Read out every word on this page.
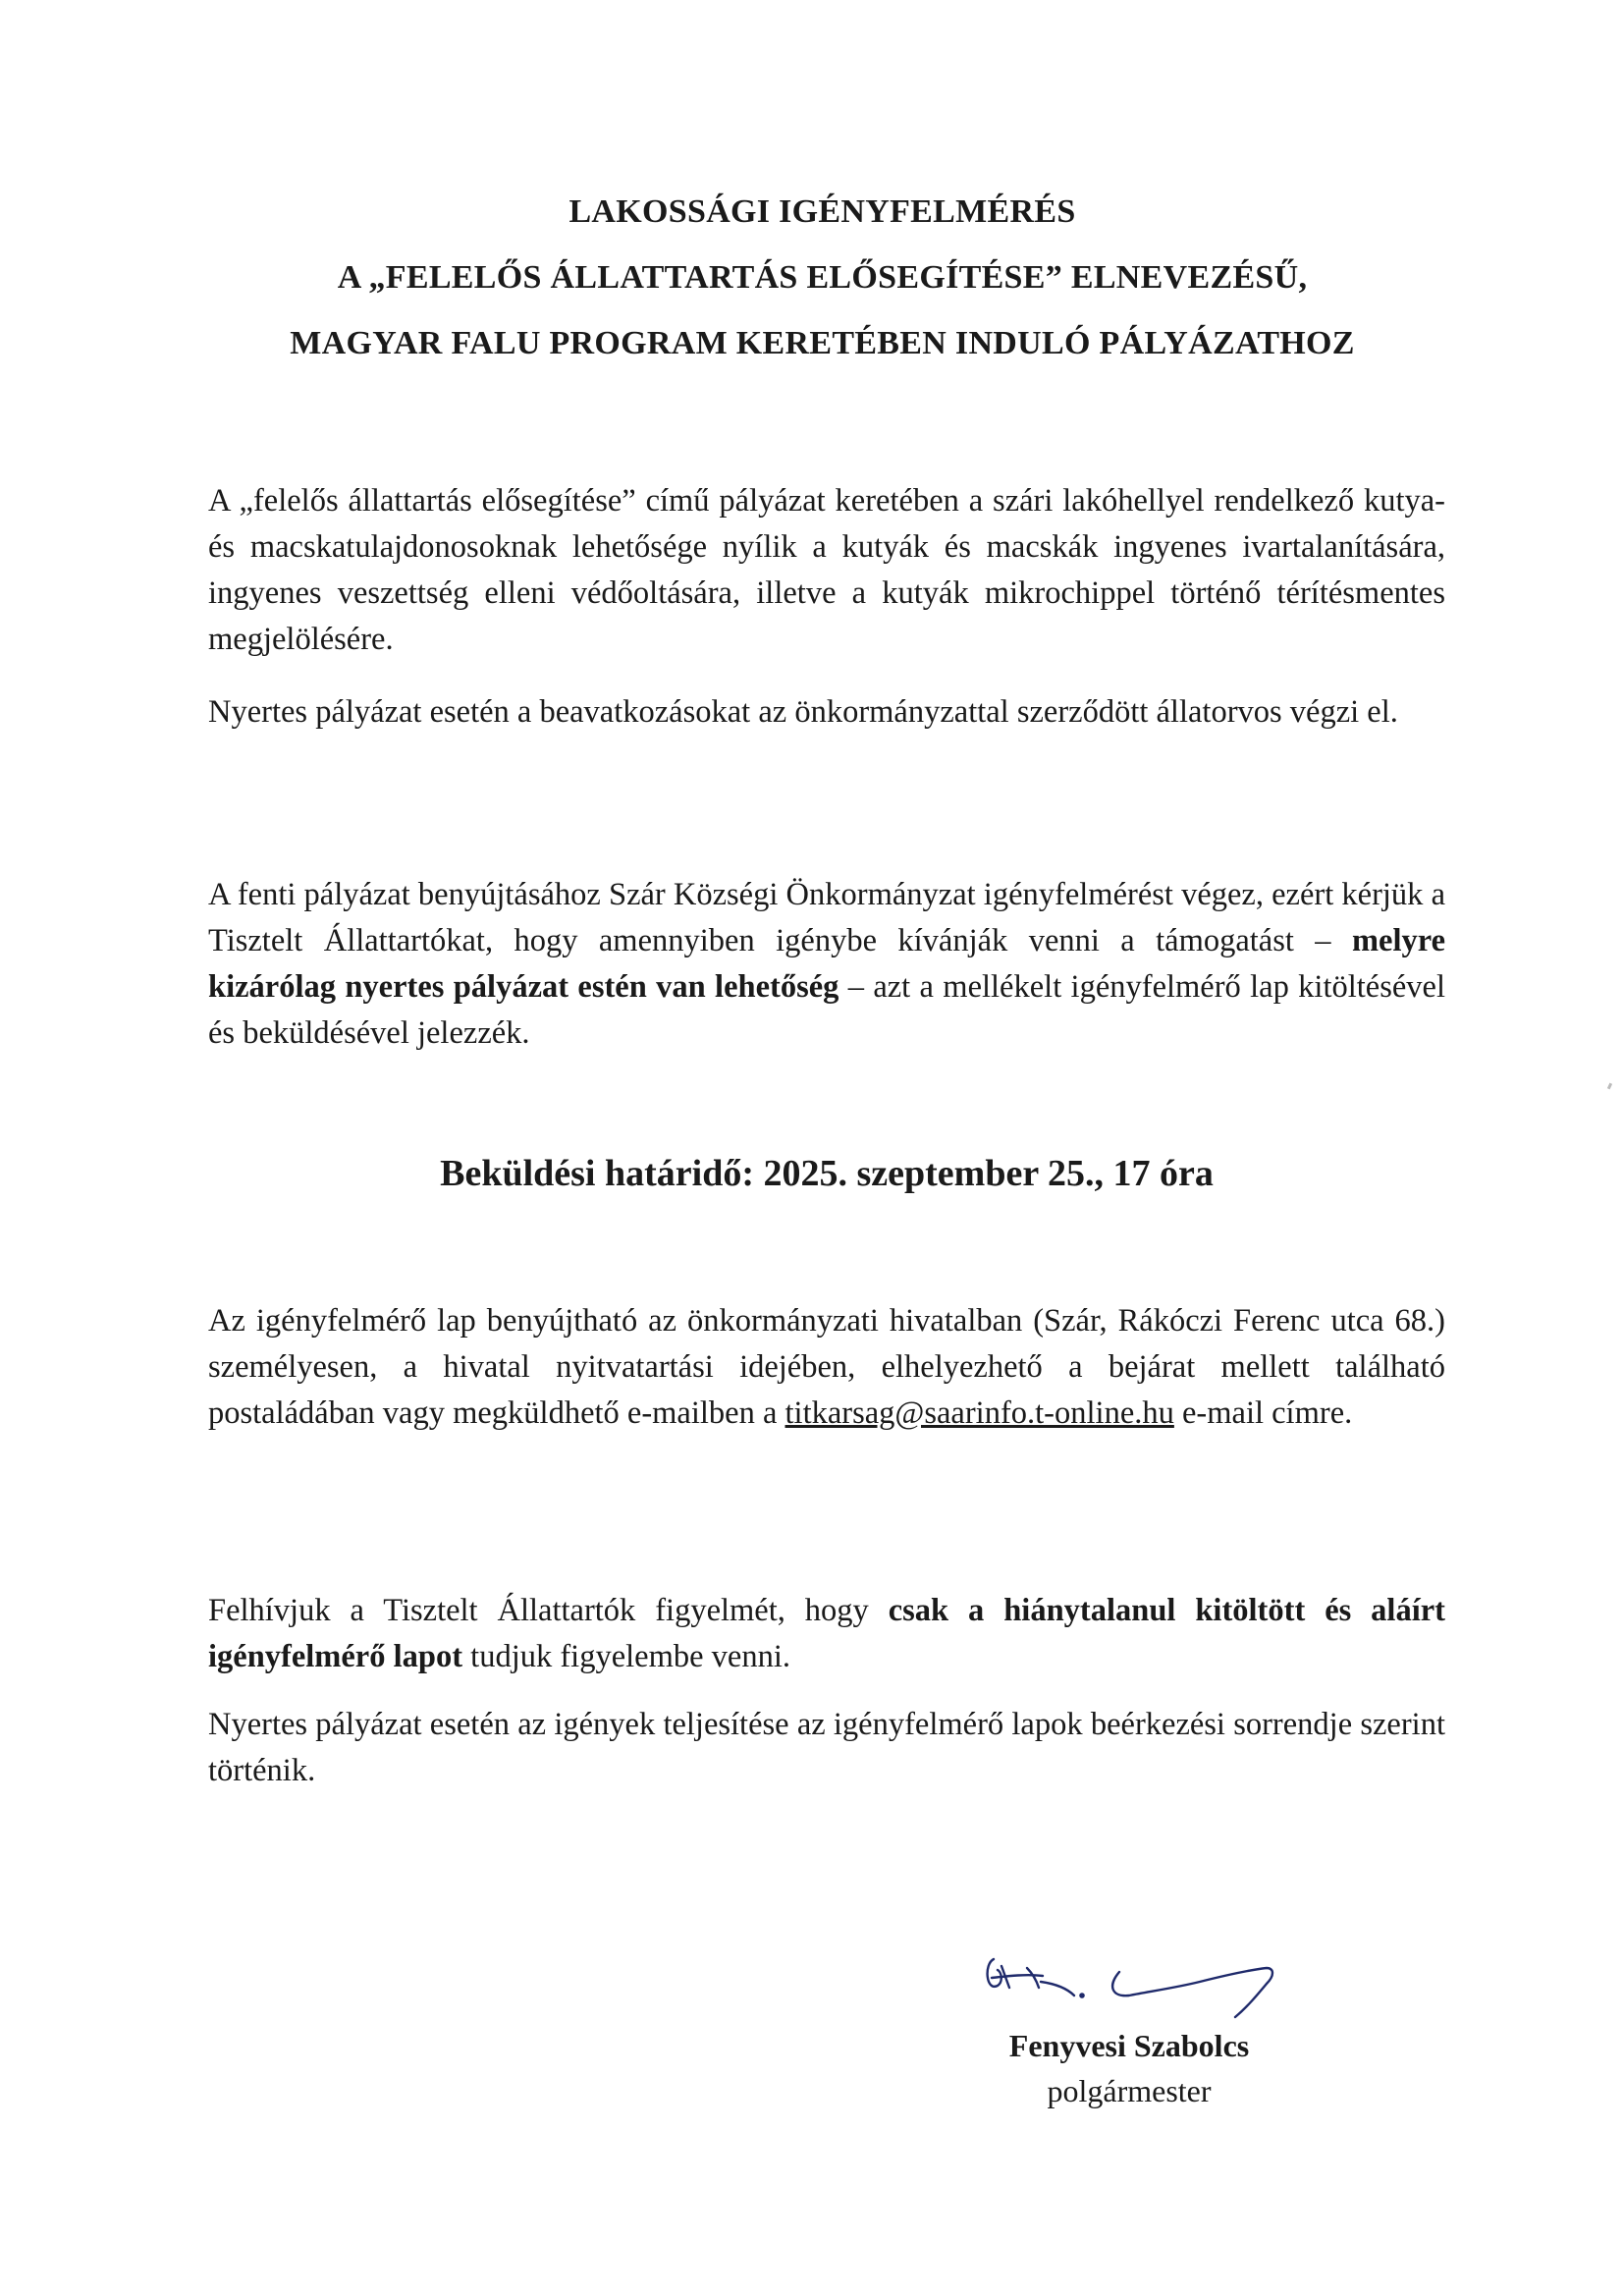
LAKOSSÁGI IGÉNYFELMÉRÉS
A „FELELŐS ÁLLATTARTÁS ELŐSEGÍTÉSE” ELNEVEZÉSŰ,
MAGYAR FALU PROGRAM KERETÉBEN INDULÓ PÁLYÁZATHOZ
A „felelős állattartás elősegítése” című pályázat keretében a szári lakóhellyel rendelkező kutya- és macskatulajdonosoknak lehetősége nyílik a kutyák és macskák ingyenes ivartalanítására, ingyenes veszettség elleni védőoltására, illetve a kutyák mikrochippel történő térítésmentes megjelölésére.
Nyertes pályázat esetén a beavatkozásokat az önkormányzattal szerződött állatorvos végzi el.
A fenti pályázat benyújtásához Szár Községi Önkormányzat igényfelmérést végez, ezért kérjük a Tisztelt Állattartókat, hogy amennyiben igénybe kívánják venni a támogatást – melyre kizárólag nyertes pályázat estén van lehetőség – azt a mellékelt igényfelmérő lap kitöltésével és beküldésével jelezzék.
Beküldési határidő: 2025. szeptember 25., 17 óra
Az igényfelmérő lap benyújtható az önkormányzati hivatalban (Szár, Rákóczi Ferenc utca 68.) személyesen, a hivatal nyitvatartási idejében, elhelyezhető a bejárat mellett található postaládában vagy megküldhető e-mailben a titkarsag@saarinfo.t-online.hu e-mail címre.
Felhívjuk a Tisztelt Állattartók figyelmét, hogy csak a hiánytalanul kitöltött és aláírt igényfelmérő lapot tudjuk figyelembe venni.
Nyertes pályázat esetén az igények teljesítése az igényfelmérő lapok beérkezési sorrendje szerint történik.
Fenyvesi Szabolcs
polgármester
